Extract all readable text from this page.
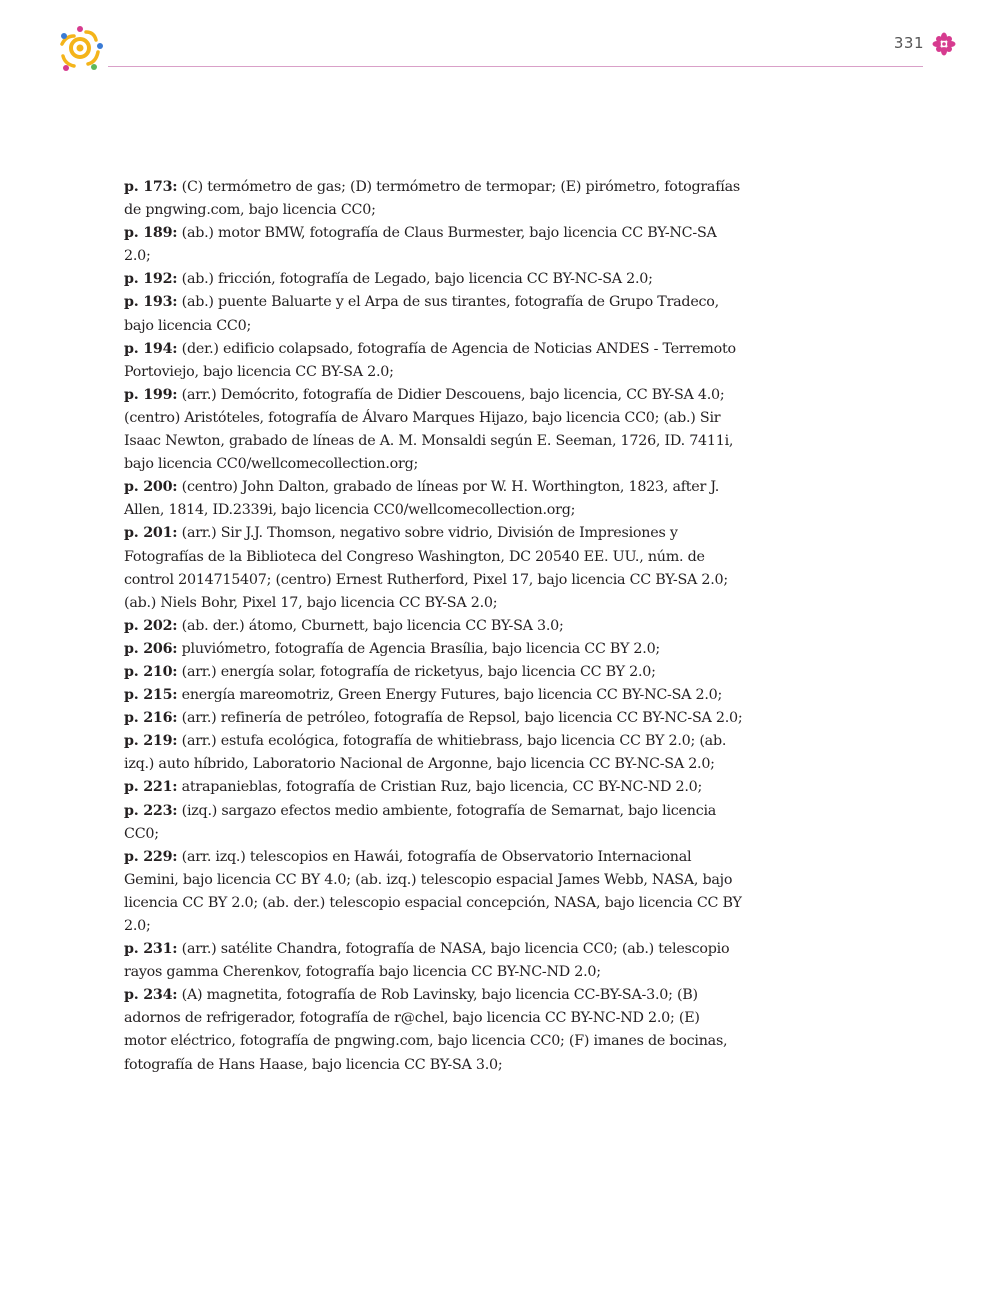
331

p. 173: (C) termómetro de gas; (D) termómetro de termopar; (E) pirómetro, fotografías de pngwing.com, bajo licencia CC0;

p. 189: (ab.) motor BMW, fotografía de Claus Burmester, bajo licencia CC BY-NC-SA 2.0;

p. 192: (ab.) fricción, fotografía de Legado, bajo licencia CC BY-NC-SA 2.0;

p. 193: (ab.) puente Baluarte y el Arpa de sus tirantes, fotografía de Grupo Tradeco, bajo licencia CC0;

p. 194: (der.) edificio colapsado, fotografía de Agencia de Noticias ANDES - Terremoto Portoviejo, bajo licencia CC BY-SA 2.0;

p. 199: (arr.) Demócrito, fotografía de Didier Descouens, bajo licencia, CC BY-SA 4.0; (centro) Aristóteles, fotografía de Álvaro Marques Hijazo, bajo licencia CC0; (ab.) Sir Isaac Newton, grabado de líneas de A. M. Monsaldi según E. Seeman, 1726, ID. 7411i, bajo licencia CC0/wellcomecollection.org;

p. 200: (centro) John Dalton, grabado de líneas por W. H. Worthington, 1823, after J. Allen, 1814, ID.2339i, bajo licencia CC0/wellcomecollection.org;

p. 201: (arr.) Sir J.J. Thomson, negativo sobre vidrio, División de Impresiones y Fotografías de la Biblioteca del Congreso Washington, DC 20540 EE. UU., núm. de control 2014715407; (centro) Ernest Rutherford, Pixel 17, bajo licencia CC BY-SA 2.0; (ab.) Niels Bohr, Pixel 17, bajo licencia CC BY-SA 2.0;

p. 202: (ab. der.) átomo, Cburnett, bajo licencia CC BY-SA 3.0;

p. 206: pluviómetro, fotografía de Agencia Brasília, bajo licencia CC BY 2.0;

p. 210: (arr.) energía solar, fotografía de ricketyus, bajo licencia CC BY 2.0;

p. 215: energía mareomotriz, Green Energy Futures, bajo licencia CC BY-NC-SA 2.0;

p. 216: (arr.) refinería de petróleo, fotografía de Repsol, bajo licencia CC BY-NC-SA 2.0;

p. 219: (arr.) estufa ecológica, fotografía de whitiebrass, bajo licencia CC BY 2.0; (ab. izq.) auto híbrido, Laboratorio Nacional de Argonne, bajo licencia CC BY-NC-SA 2.0;

p. 221: atrapanieblas, fotografía de Cristian Ruz, bajo licencia, CC BY-NC-ND 2.0;

p. 223: (izq.) sargazo efectos medio ambiente, fotografía de Semarnat, bajo licencia CC0;

p. 229: (arr. izq.) telescopios en Hawái, fotografía de Observatorio Internacional Gemini, bajo licencia CC BY 4.0; (ab. izq.) telescopio espacial James Webb, NASA, bajo licencia CC BY 2.0; (ab. der.) telescopio espacial concepción, NASA, bajo licencia CC BY 2.0;

p. 231: (arr.) satélite Chandra, fotografía de NASA, bajo licencia CC0; (ab.) telescopio rayos gamma Cherenkov, fotografía bajo licencia CC BY-NC-ND 2.0;

p. 234: (A) magnetita, fotografía de Rob Lavinsky, bajo licencia CC-BY-SA-3.0; (B) adornos de refrigerador, fotografía de r@chel, bajo licencia CC BY-NC-ND 2.0; (E) motor eléctrico, fotografía de pngwing.com, bajo licencia CC0; (F) imanes de bocinas, fotografía de Hans Haase, bajo licencia CC BY-SA 3.0;
